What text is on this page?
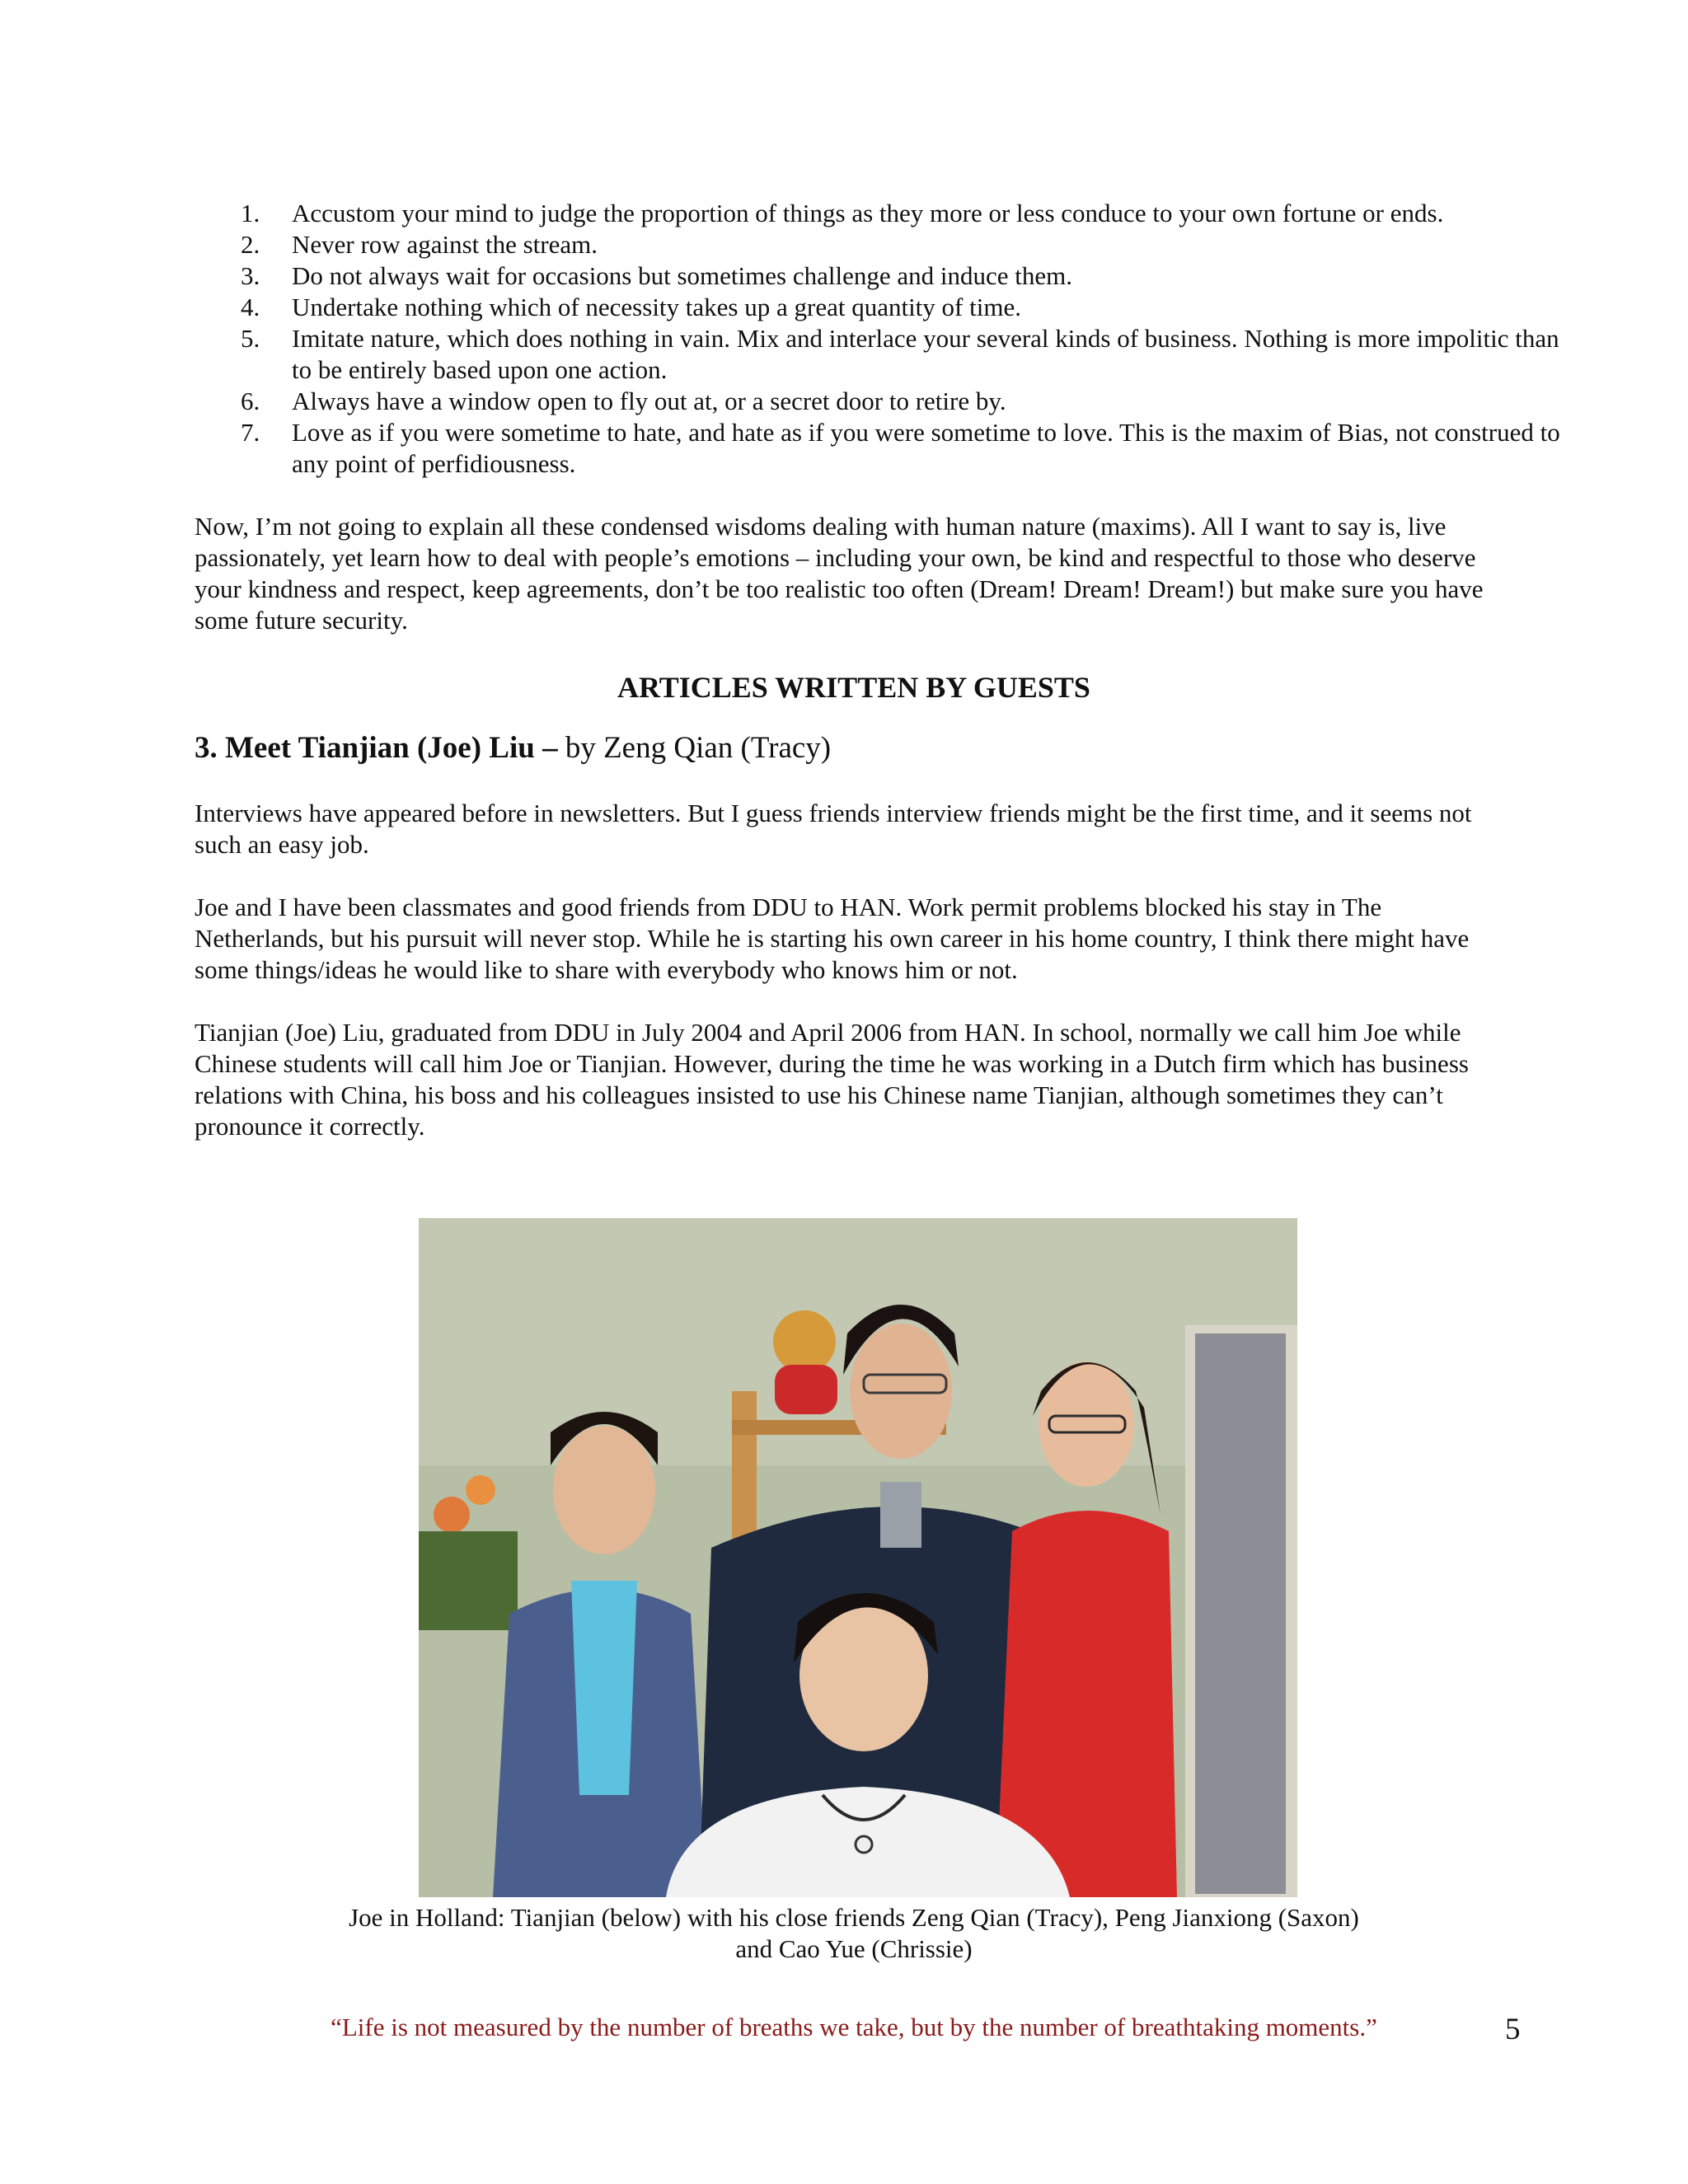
1.	Accustom your mind to judge the proportion of things as they more or less conduce to your own fortune or ends.
2.	Never row against the stream.
3.	Do not always wait for occasions but sometimes challenge and induce them.
4.	Undertake nothing which of necessity takes up a great quantity of time.
5.	Imitate nature, which does nothing in vain. Mix and interlace your several kinds of business. Nothing is more impolitic than to be entirely based upon one action.
6.	Always have a window open to fly out at, or a secret door to retire by.
7.	Love as if you were sometime to hate, and hate as if you were sometime to love. This is the maxim of Bias, not construed to any point of perfidiousness.

Now, I’m not going to explain all these condensed wisdoms dealing with human nature (maxims). All I want to say is, live passionately, yet learn how to deal with people’s emotions – including your own, be kind and respectful to those who deserve your kindness and respect, keep agreements, don’t be too realistic too often (Dream! Dream! Dream!) but make sure you have some future security.

ARTICLES WRITTEN BY GUESTS
3. Meet Tianjian (Joe) Liu – by Zeng Qian (Tracy)

Interviews have appeared before in newsletters. But I guess friends interview friends might be the first time, and it seems not such an easy job.

Joe and I have been classmates and good friends from DDU to HAN. Work permit problems blocked his stay in The Netherlands, but his pursuit will never stop. While he is starting his own career in his home country, I think there might have some things/ideas he would like to share with everybody who knows him or not.

Tianjian (Joe) Liu, graduated from DDU in July 2004 and April 2006 from HAN. In school, normally we call him Joe while Chinese students will call him Joe or Tianjian. However, during the time he was working in a Dutch firm which has business relations with China, his boss and his colleagues insisted to use his Chinese name Tianjian, although sometimes they can’t pronounce it correctly.

Joe in Holland: Tianjian (below) with his close friends Zeng Qian (Tracy), Peng Jianxiong (Saxon)
and Cao Yue (Chrissie)
“Life is not measured by the number of breaths we take, but by the number of breathtaking moments.”	5
